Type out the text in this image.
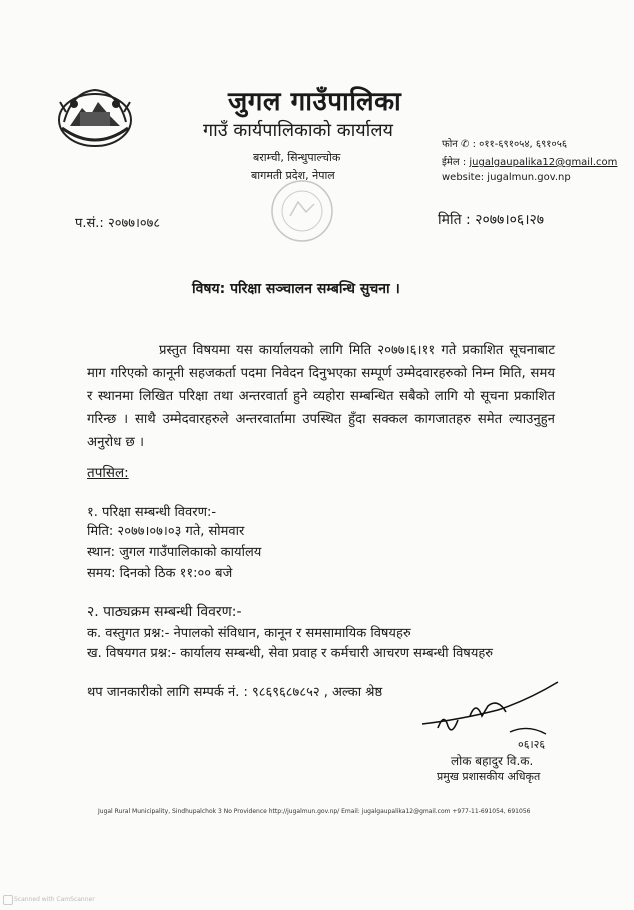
जुगल गाउँपालिका
गाउँ कार्यपालिकाको कार्यालय
बराम्ची, सिन्धुपाल्चोक
बागमती प्रदेश, नेपाल
फोन ✆ : ०११-६९१०५४, ६९१०५६
ईमेल : jugalgaupalika12@gmail.com
website: jugalmun.gov.np
प.सं.: २०७७।०७८	मिति : २०७७।०६।२७
विषय: परिक्षा सञ्चालन सम्बन्धि सुचना ।
प्रस्तुत विषयमा यस कार्यालयको लागि मिति २०७७।६।११ गते प्रकाशित सूचनाबाट माग गरिएको कानूनी सहजकर्ता पदमा निवेदन दिनुभएका सम्पूर्ण उम्मेदवारहरुको निम्न मिति, समय र स्थानमा लिखित परिक्षा तथा अन्तरवार्ता हुने व्यहोरा सम्बन्धित सबैको लागि यो सूचना प्रकाशित गरिन्छ । साथै उम्मेदवारहरुले अन्तरवार्तामा उपस्थित हुँदा सक्कल कागजातहरु समेत ल्याउनुहुन अनुरोध छ ।
तपसिल:
१. परिक्षा सम्बन्धी विवरण:-
मिति: २०७७।०७।०३ गते, सोमवार
स्थान: जुगल गाउँपालिकाको कार्यालय
समय: दिनको ठिक ११:०० बजे
२. पाठ्यक्रम सम्बन्धी विवरण:-
क. वस्तुगत प्रश्न:- नेपालको संविधान, कानून र समसामायिक विषयहरु
ख. विषयगत प्रश्न:- कार्यालय सम्बन्धी, सेवा प्रवाह र कर्मचारी आचरण सम्बन्धी विषयहरु
थप जानकारीको लागि सम्पर्क नं. : ९८६९६८७८५२ , अल्का श्रेष्ठ
०६।२६
लोक बहादुर वि.क.
प्रमुख प्रशासकीय अधिकृत
Jugal Rural Municipality, Sindhupalchok 3 No Providence http://jugalmun.gov.np/ Email: jugalgaupalika12@gmail.com +977-11-691054, 691056
Scanned with CamScanner
